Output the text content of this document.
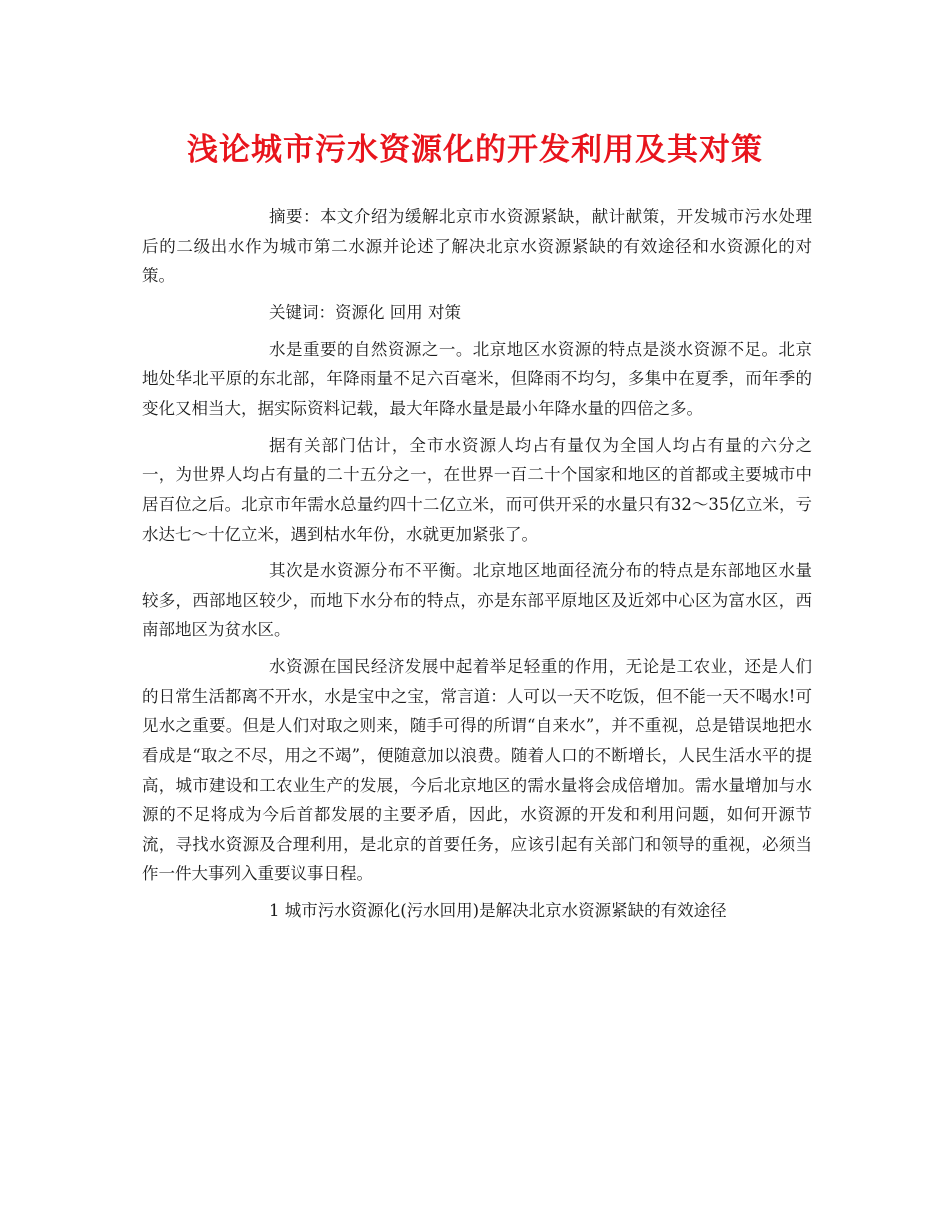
浅论城市污水资源化的开发利用及其对策

摘要：本文介绍为缓解北京市水资源紧缺，献计献策，开发城市污水处理后的二级出水作为城市第二水源并论述了解决北京水资源紧缺的有效途径和水资源化的对策。

关键词：资源化 回用 对策

水是重要的自然资源之一。北京地区水资源的特点是淡水资源不足。北京地处华北平原的东北部，年降雨量不足六百毫米，但降雨不均匀，多集中在夏季，而年季的变化又相当大，据实际资料记载，最大年降水量是最小年降水量的四倍之多。

据有关部门估计，全市水资源人均占有量仅为全国人均占有量的六分之一，为世界人均占有量的二十五分之一，在世界一百二十个国家和地区的首都或主要城市中居百位之后。北京市年需水总量约四十二亿立米，而可供开采的水量只有32～35亿立米，亏水达七～十亿立米，遇到枯水年份，水就更加紧张了。

其次是水资源分布不平衡。北京地区地面径流分布的特点是东部地区水量较多，西部地区较少，而地下水分布的特点，亦是东部平原地区及近郊中心区为富水区，西南部地区为贫水区。

水资源在国民经济发展中起着举足轻重的作用，无论是工农业，还是人们的日常生活都离不开水，水是宝中之宝，常言道：人可以一天不吃饭，但不能一天不喝水!可见水之重要。但是人们对取之则来，随手可得的所谓“自来水”，并不重视，总是错误地把水看成是“取之不尽，用之不竭”，便随意加以浪费。随着人口的不断增长，人民生活水平的提高，城市建设和工农业生产的发展，今后北京地区的需水量将会成倍增加。需水量增加与水源的不足将成为今后首都发展的主要矛盾，因此，水资源的开发和利用问题，如何开源节流，寻找水资源及合理利用，是北京的首要任务，应该引起有关部门和领导的重视，必须当作一件大事列入重要议事日程。

1 城市污水资源化(污水回用)是解决北京水资源紧缺的有效途径
